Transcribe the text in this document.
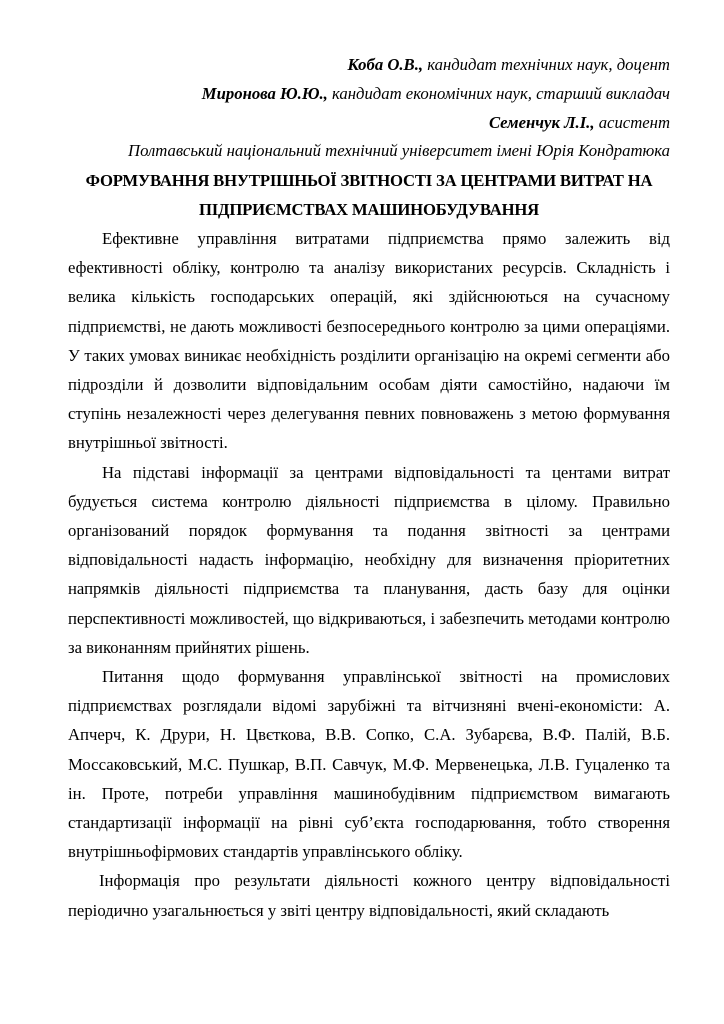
Коба О.В., кандидат технічних наук, доцент
Миронова Ю.Ю., кандидат економічних наук, старший викладач
Семенчук Л.І., асистент
Полтавський національний технічний університет імені Юрія Кондратюка
ФОРМУВАННЯ ВНУТРІШНЬОЇ ЗВІТНОСТІ ЗА ЦЕНТРАМИ ВИТРАТ НА
ПІДПРИЄМСТВАХ МАШИНОБУДУВАННЯ

Ефективне управління витратами підприємства прямо залежить від ефективності обліку, контролю та аналізу використаних ресурсів. Складність і велика кількість господарських операцій, які здійснюються на сучасному підприємстві, не дають можливості безпосереднього контролю за цими операціями. У таких умовах виникає необхідність розділити організацію на окремі сегменти або підрозділи й дозволити відповідальним особам діяти самостійно, надаючи їм ступінь незалежності через делегування певних повноважень з метою формування внутрішньої звітності.

На підставі інформації за центрами відповідальності та центами витрат будується система контролю діяльності підприємства в цілому. Правильно організований порядок формування та подання звітності за центрами відповідальності надасть інформацію, необхідну для визначення пріоритетних напрямків діяльності підприємства та планування, дасть базу для оцінки перспективності можливостей, що відкриваються, і забезпечить методами контролю за виконанням прийнятих рішень.

Питання щодо формування управлінської звітності на промислових підприємствах розглядали відомі зарубіжні та вітчизняні вчені-економісти: А. Апчерч, К. Друри, Н. Цвєткова, В.В. Сопко, С.А. Зубарєва, В.Ф. Палій, В.Б. Моссаковський, М.С. Пушкар, В.П. Савчук, М.Ф. Мервенецька, Л.В. Гуцаленко та ін. Проте, потреби управління машинобудівним підприємством вимагають стандартизації інформації на рівні суб’єкта господарювання, тобто створення внутрішньофірмових стандартів управлінського обліку.

Інформація про результати діяльності кожного центру відповідальності періодично узагальнюється у звіті центру відповідальності, який складають
